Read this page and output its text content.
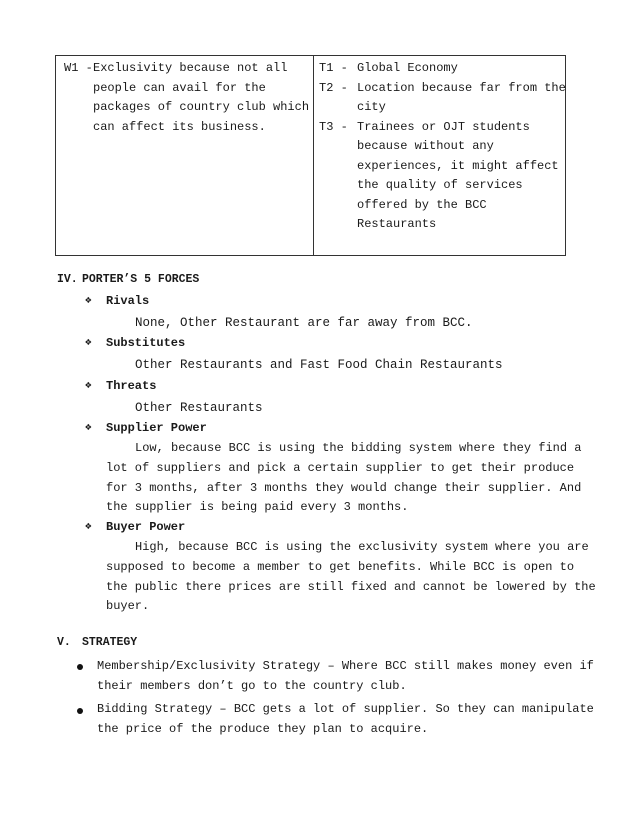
W1 - Exclusivity because not all
people can avail for the
packages of country club which
can affect its business.
T1 - Global Economy
T2 - Location because far from the
city
T3 - Trainees or OJT students
because without any
experiences, it might affect
the quality of services
offered by the BCC
Restaurants
IV. PORTER’S 5 FORCES
❖ Rivals
None, Other Restaurant are far away from BCC.
❖ Substitutes
Other Restaurants and Fast Food Chain Restaurants
❖ Threats
Other Restaurants
❖ Supplier Power
Low, because BCC is using the bidding system where they find a
lot of suppliers and pick a certain supplier to get their produce
for 3 months, after 3 months they would change their supplier. And
the supplier is being paid every 3 months.
❖ Buyer Power
High, because BCC is using the exclusivity system where you are
supposed to become a member to get benefits. While BCC is open to
the public there prices are still fixed and cannot be lowered by the
buyer.
V. STRATEGY
Membership/Exclusivity Strategy – Where BCC still makes money even if
their members don’t go to the country club.
Bidding Strategy – BCC gets a lot of supplier. So they can manipulate
the price of the produce they plan to acquire.
